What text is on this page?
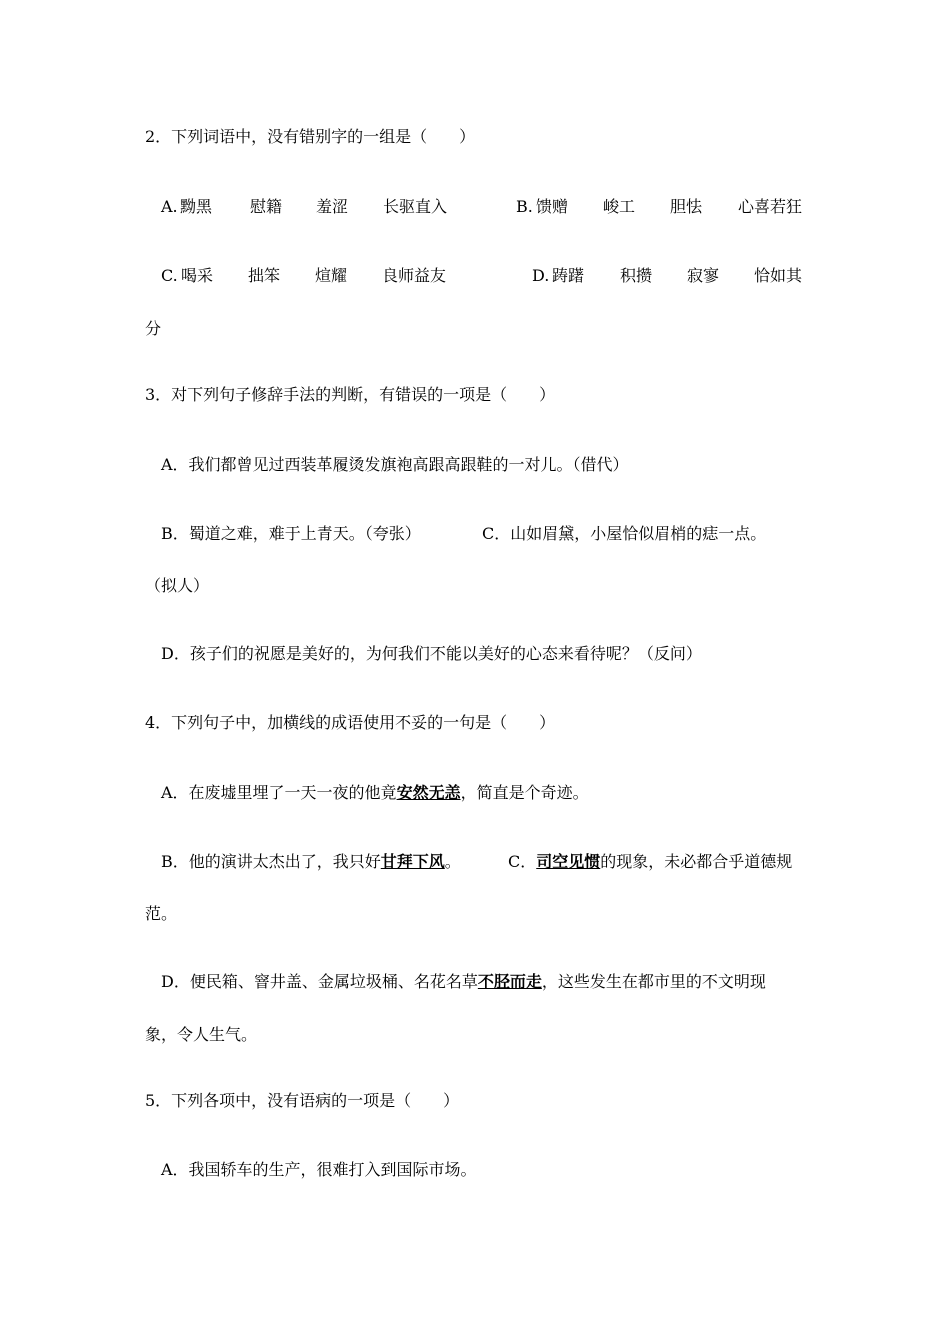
2．下列词语中，没有错别字的一组是（　　）
A. 黝黑 慰籍 羞涩 长驱直入	B. 馈赠 峻工 胆怯 心喜若狂
C. 喝采 拙笨 煊耀 良师益友	D. 踌躇 积攒 寂寥 恰如其
分
3．对下列句子修辞手法的判断，有错误的一项是（　　）
A．我们都曾见过西装革履烫发旗袍高跟高跟鞋的一对儿。（借代）
B．蜀道之难，难于上青天。（夸张）	C．山如眉黛，小屋恰似眉梢的痣一点。
（拟人）
D．孩子们的祝愿是美好的，为何我们不能以美好的心态来看待呢？（反问）
4．下列句子中，加横线的成语使用不妥的一句是（　　）
A．在废墟里埋了一天一夜的他竟安然无恙，简直是个奇迹。
B．他的演讲太杰出了，我只好甘拜下风。	C．司空见惯的现象，未必都合乎道德规
范。
D．便民箱、窨井盖、金属垃圾桶、名花名草不胫而走，这些发生在都市里的不文明现
象，令人生气。
5．下列各项中，没有语病的一项是（　　）
A．我国轿车的生产，很难打入到国际市场。
